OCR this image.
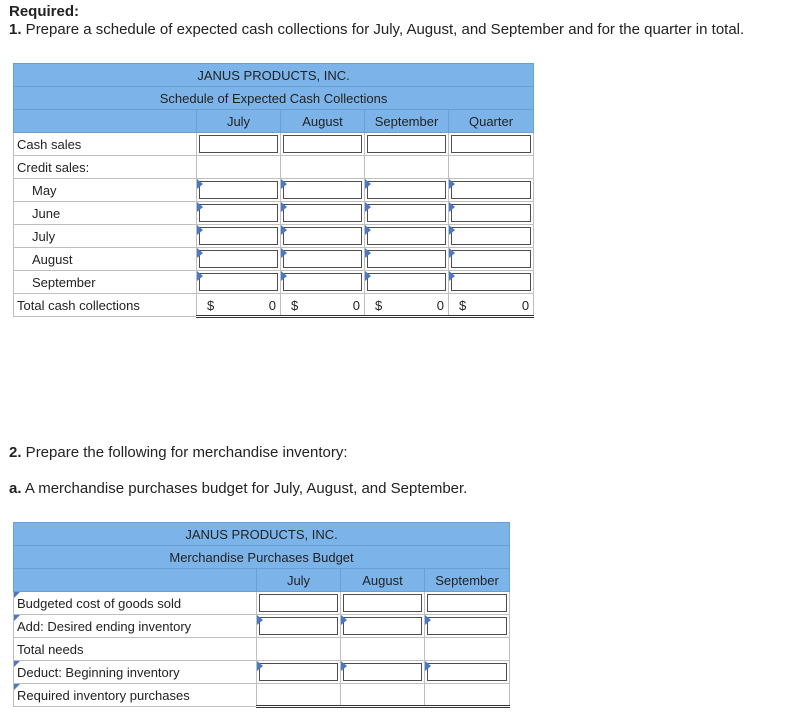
Required:
1. Prepare a schedule of expected cash collections for July, August, and September and for the quarter in total.
JANUS PRODUCTS, INC.				
Schedule of Expected Cash Collections				
	July	August	September	Quarter
Cash sales	

Credit sales:				
May	

June	

July	

August	

September	

Total cash collections	$ 0	$ 0	$ 0	$ 0
2. Prepare the following for merchandise inventory:
a. A merchandise purchases budget for July, August, and September.
JANUS PRODUCTS, INC.			
Merchandise Purchases Budget			
	July	August	September

Budgeted cost of goods sold	

Add: Desired ending inventory	

Total needs			

Deduct: Beginning inventory	

Required inventory purchases			
